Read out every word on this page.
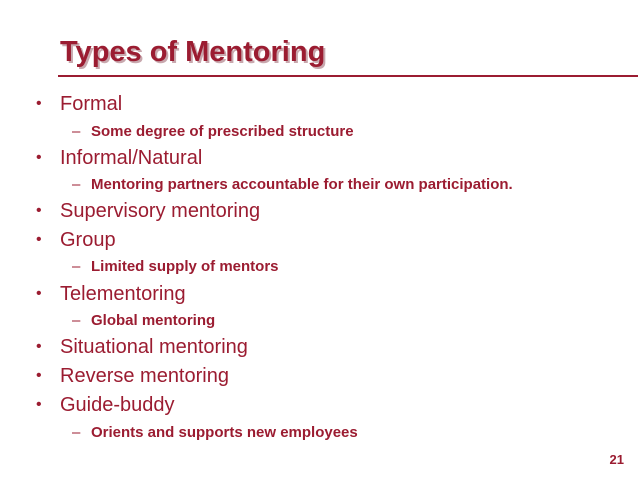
Types of Mentoring
• Formal
– Some degree of prescribed structure
• Informal/Natural
– Mentoring partners accountable for their own participation.
• Supervisory mentoring
• Group
– Limited supply of mentors
• Telementoring
– Global mentoring
• Situational mentoring
• Reverse mentoring
• Guide-buddy
– Orients and supports new employees
21
